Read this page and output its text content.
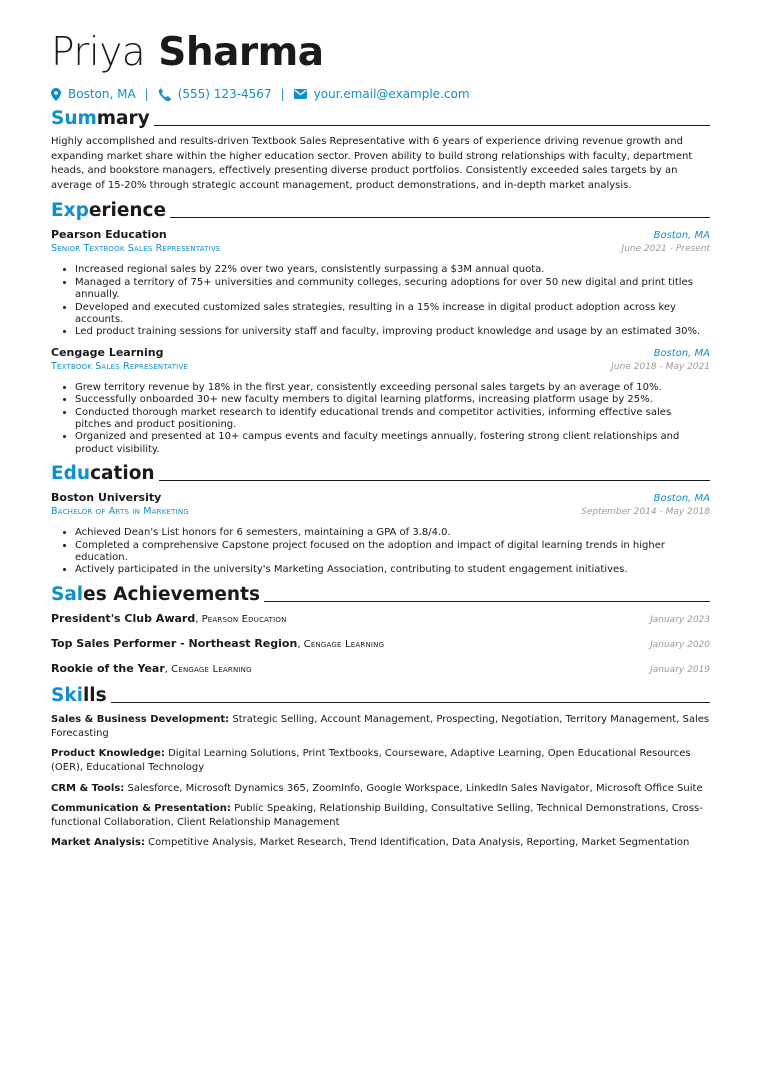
Priya Sharma
Boston, MA | (555) 123-4567 | your.email@example.com
Summary

Highly accomplished and results-driven Textbook Sales Representative with 6 years of experience driving revenue growth and expanding market share within the higher education sector. Proven ability to build strong relationships with faculty, department heads, and bookstore managers, effectively presenting diverse product portfolios. Consistently exceeded sales targets by an average of 15-20% through strategic account management, product demonstrations, and in-depth market analysis.

Experience
Pearson Education	Boston, MA
Senior Textbook Sales Representative	June 2021 - Present
• Increased regional sales by 22% over two years, consistently surpassing a $3M annual quota.
• Managed a territory of 75+ universities and community colleges, securing adoptions for over 50 new digital and print titles annually.
• Developed and executed customized sales strategies, resulting in a 15% increase in digital product adoption across key accounts.
• Led product training sessions for university staff and faculty, improving product knowledge and usage by an estimated 30%.
Cengage Learning	Boston, MA
Textbook Sales Representative	June 2018 - May 2021
• Grew territory revenue by 18% in the first year, consistently exceeding personal sales targets by an average of 10%.
• Successfully onboarded 30+ new faculty members to digital learning platforms, increasing platform usage by 25%.
• Conducted thorough market research to identify educational trends and competitor activities, informing effective sales pitches and product positioning.
• Organized and presented at 10+ campus events and faculty meetings annually, fostering strong client relationships and product visibility.
Education
Boston University	Boston, MA
Bachelor of Arts in Marketing	September 2014 - May 2018
• Achieved Dean's List honors for 6 semesters, maintaining a GPA of 3.8/4.0.
• Completed a comprehensive Capstone project focused on the adoption and impact of digital learning trends in higher education.
• Actively participated in the university's Marketing Association, contributing to student engagement initiatives.
Sales Achievements
President's Club Award, Pearson Education	January 2023
Top Sales Performer - Northeast Region, Cengage Learning	January 2020
Rookie of the Year, Cengage Learning	January 2019
Skills

Sales & Business Development: Strategic Selling, Account Management, Prospecting, Negotiation, Territory Management, Sales Forecasting

Product Knowledge: Digital Learning Solutions, Print Textbooks, Courseware, Adaptive Learning, Open Educational Resources (OER), Educational Technology

CRM & Tools: Salesforce, Microsoft Dynamics 365, ZoomInfo, Google Workspace, LinkedIn Sales Navigator, Microsoft Office Suite

Communication & Presentation: Public Speaking, Relationship Building, Consultative Selling, Technical Demonstrations, Cross-functional Collaboration, Client Relationship Management

Market Analysis: Competitive Analysis, Market Research, Trend Identification, Data Analysis, Reporting, Market Segmentation
